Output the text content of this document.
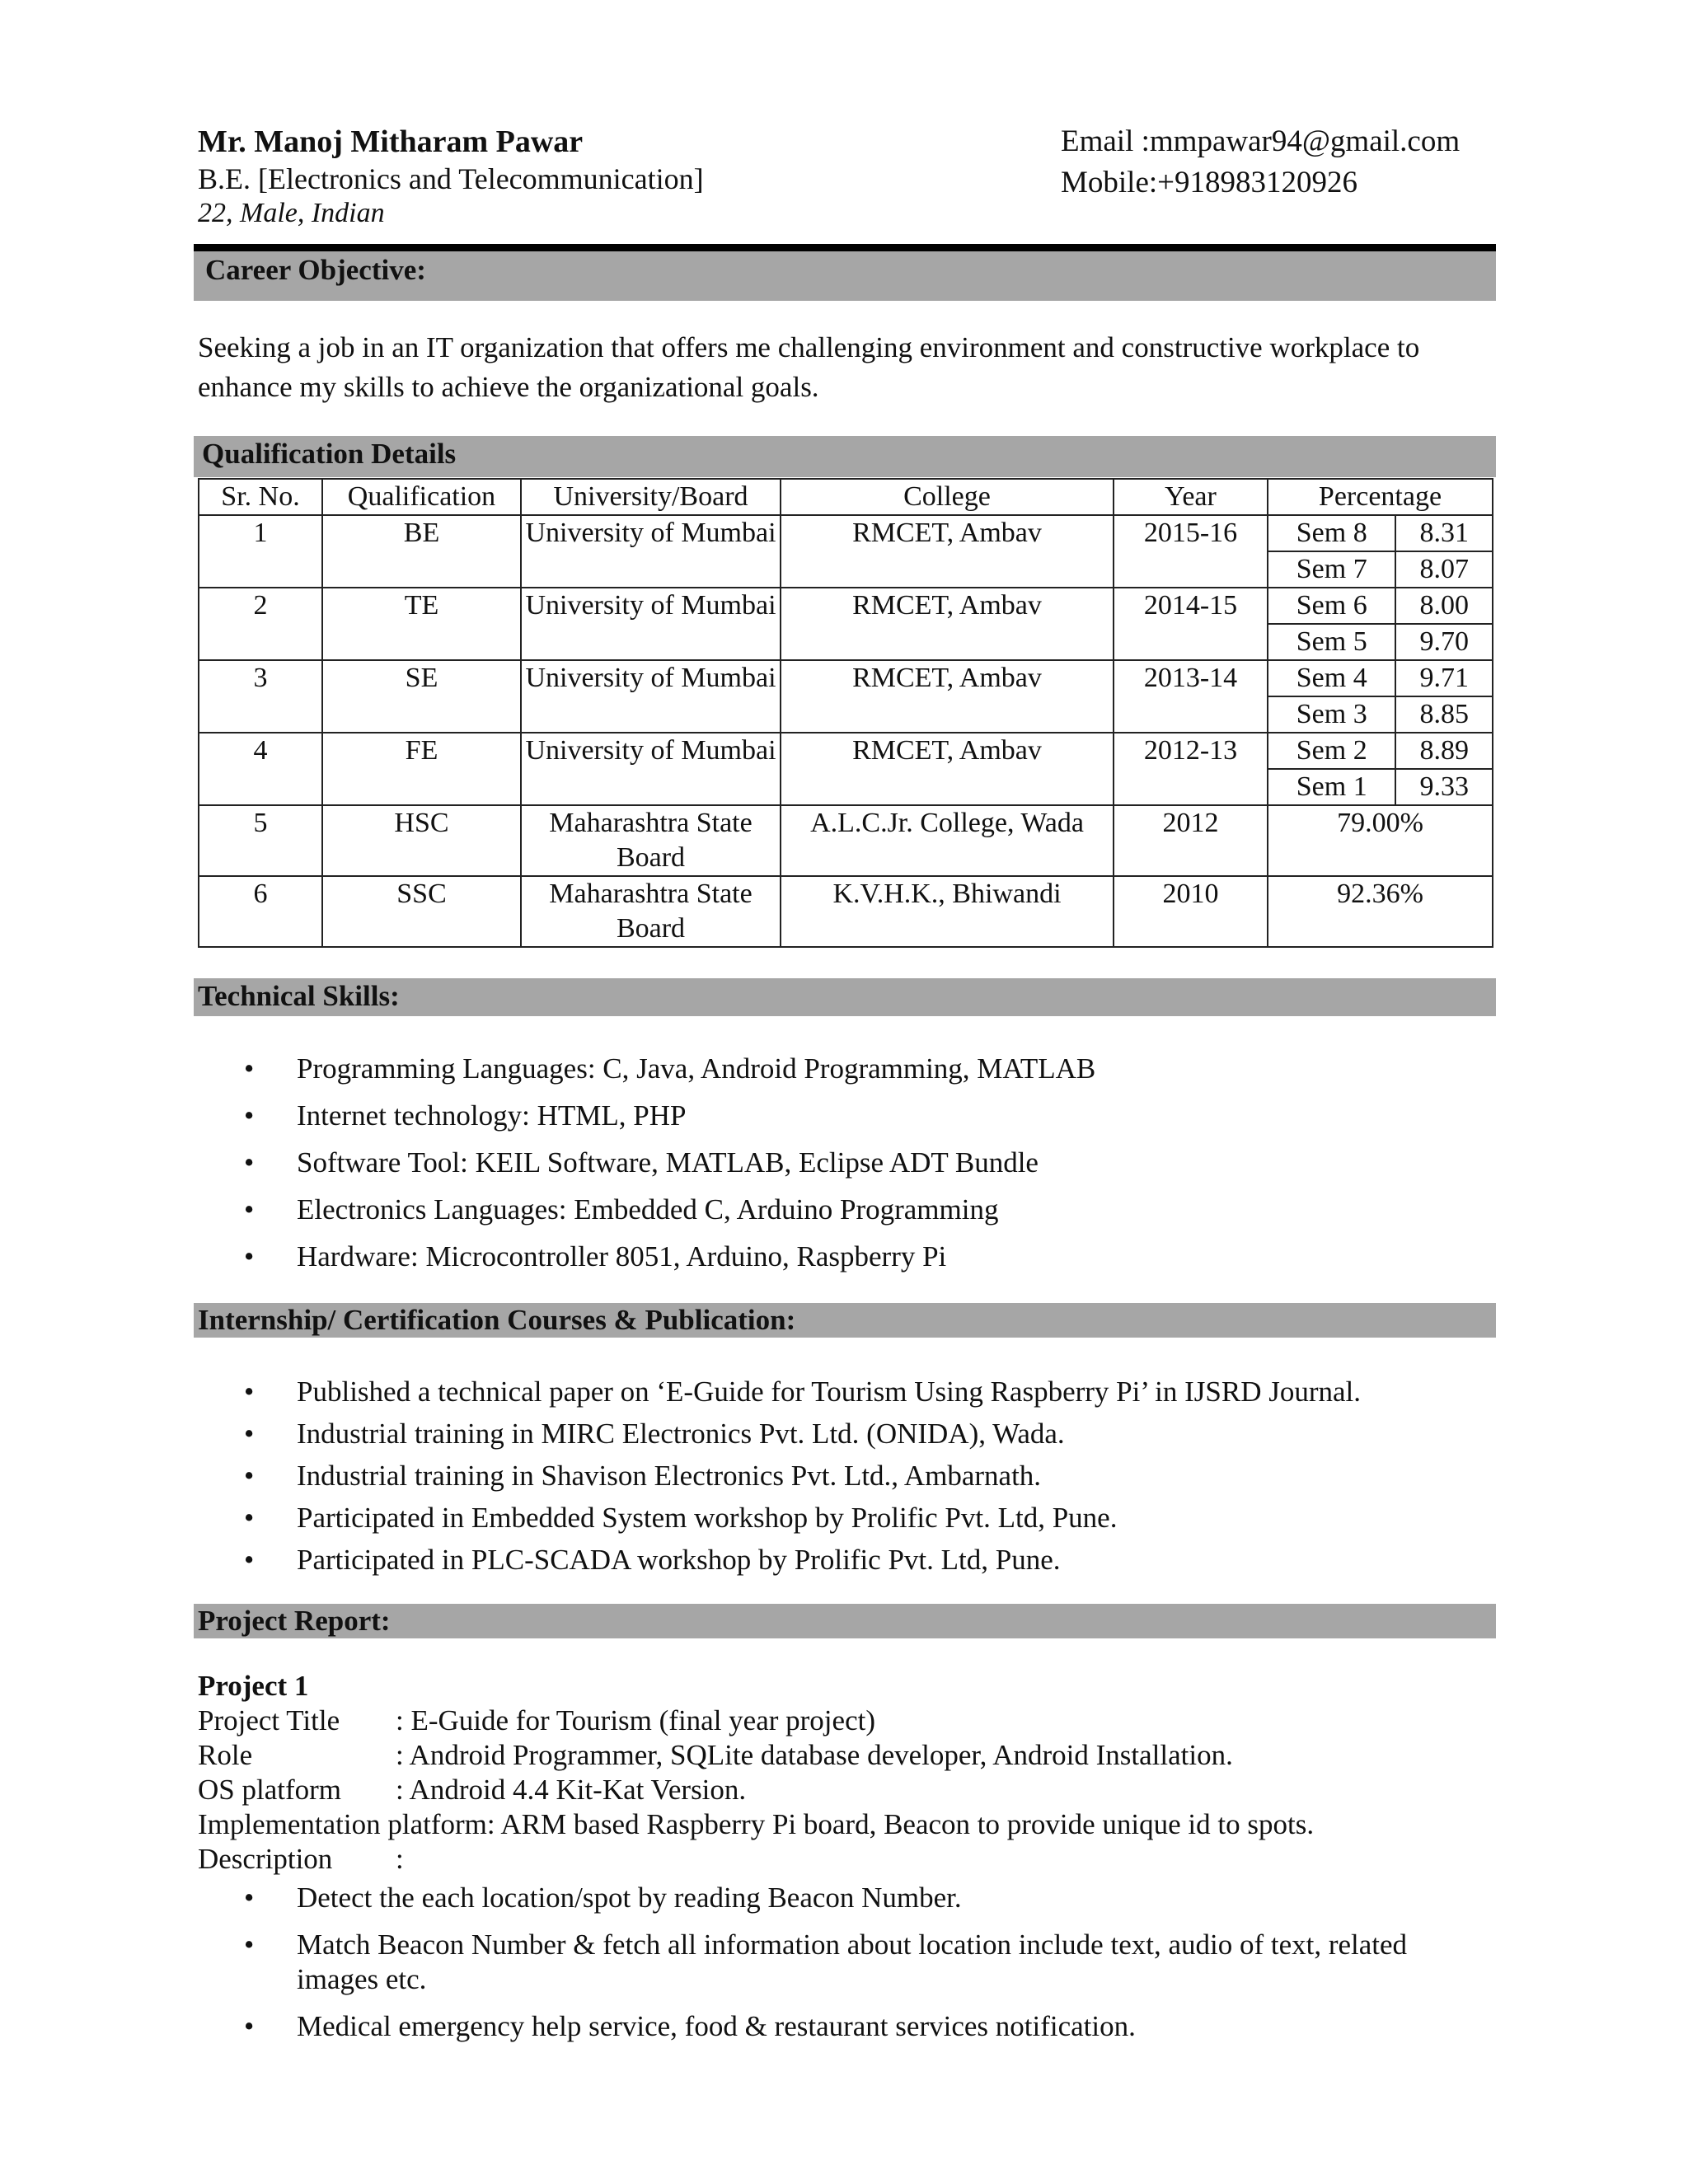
Mr. Manoj Mitharam Pawar
B.E. [Electronics and Telecommunication]
22, Male, Indian
Email :mmpawar94@gmail.com
Mobile:+918983120926
Career Objective:
Seeking a job in an IT organization that offers me challenging environment and constructive workplace to enhance my skills to achieve the organizational goals.
Qualification Details
Sr. No.	Qualification	University/Board	College	Year	Percentage
1	BE	University of Mumbai	RMCET, Ambav	2015-16	Sem 8	8.31
Sem 7	8.07

2	TE	University of Mumbai	RMCET, Ambav	2014-15	Sem 6	8.00
Sem 5	9.70

3	SE	University of Mumbai	RMCET, Ambav	2013-14	Sem 4	9.71
Sem 3	8.85

4	FE	University of Mumbai	RMCET, Ambav	2012-13	Sem 2	8.89
Sem 1	9.33

5	HSC	Maharashtra State Board	A.L.C.Jr. College, Wada	2012	79.00%
6	SSC	Maharashtra State Board	K.V.H.K., Bhiwandi	2010	92.36%
Technical Skills:
• Programming Languages: C, Java, Android Programming, MATLAB
• Internet technology: HTML, PHP
• Software Tool: KEIL Software, MATLAB, Eclipse ADT Bundle
• Electronics Languages: Embedded C, Arduino Programming
• Hardware: Microcontroller 8051, Arduino, Raspberry Pi
Internship/ Certification Courses & Publication:
• Published a technical paper on ‘E-Guide for Tourism Using Raspberry Pi’ in IJSRD Journal.
• Industrial training in MIRC Electronics Pvt. Ltd. (ONIDA), Wada.
• Industrial training in Shavison Electronics Pvt. Ltd., Ambarnath.
• Participated in Embedded System workshop by Prolific Pvt. Ltd, Pune.
• Participated in PLC-SCADA workshop by Prolific Pvt. Ltd, Pune.
Project Report:
Project 1
Project Title	: E-Guide for Tourism (final year project)
Role	: Android Programmer, SQLite database developer, Android Installation.
OS platform	: Android 4.4 Kit-Kat Version.
Implementation platform: ARM based Raspberry Pi board, Beacon to provide unique id to spots.
Description	:
• Detect the each location/spot by reading Beacon Number.
• Match Beacon Number & fetch all information about location include text, audio of text, related images etc.
• Medical emergency help service, food & restaurant services notification.
